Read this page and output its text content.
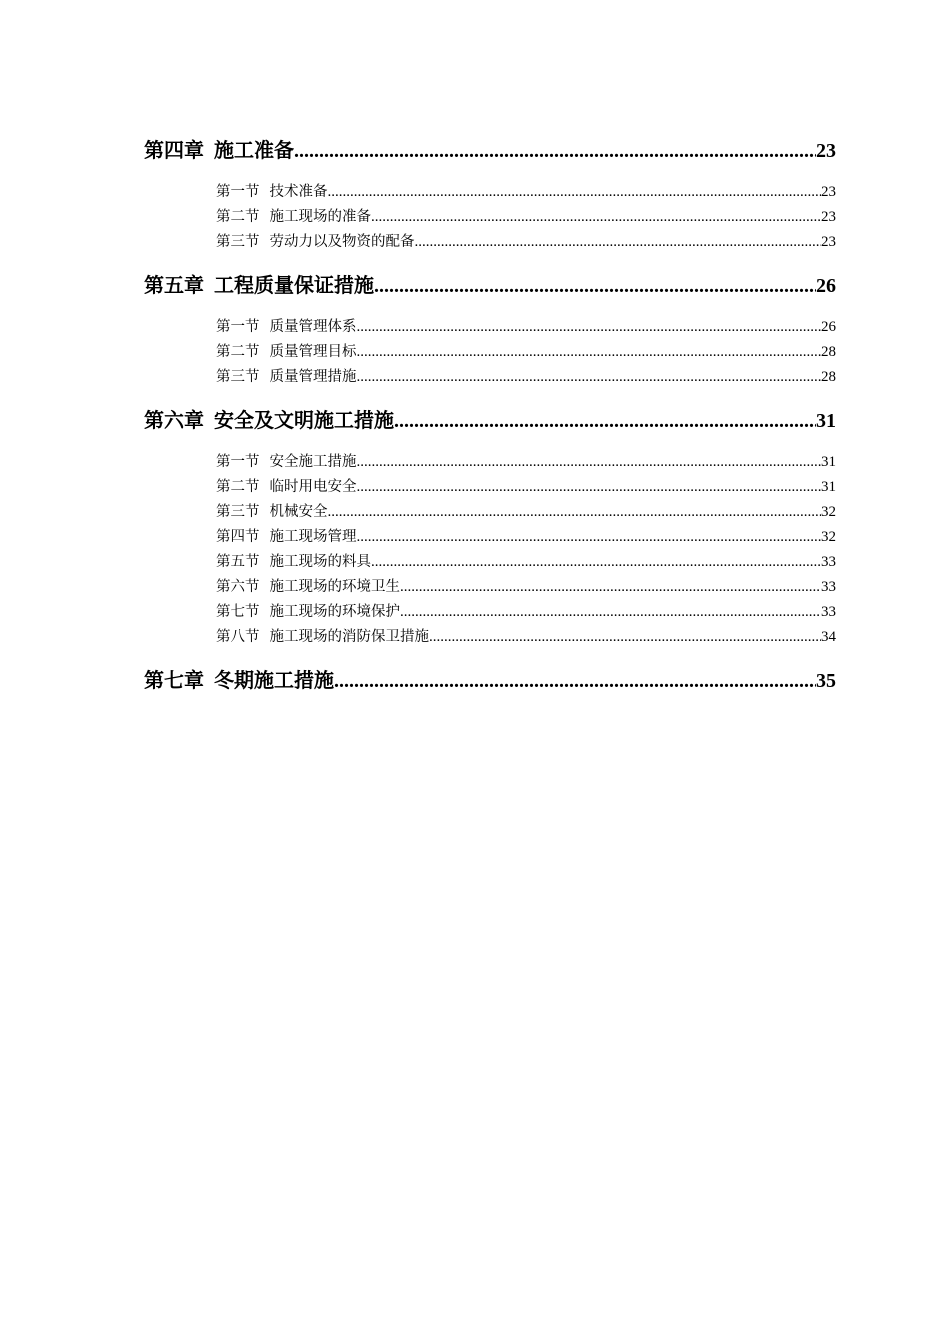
第四章 施工准备 .....	23
第一节 技术准备 .....	23
第二节 施工现场的准备 .....	23
第三节 劳动力以及物资的配备 .....	23
第五章 工程质量保证措施 .....	26
第一节 质量管理体系 .....	26
第二节 质量管理目标 .....	28
第三节 质量管理措施 .....	28
第六章 安全及文明施工措施 .....	31
第一节 安全施工措施 .....	31
第二节 临时用电安全 .....	31
第三节 机械安全 .....	32
第四节 施工现场管理 .....	32
第五节 施工现场的料具 .....	33
第六节 施工现场的环境卫生 .....	33
第七节 施工现场的环境保护 .....	33
第八节 施工现场的消防保卫措施 .....	34
第七章 冬期施工措施 .....	35
